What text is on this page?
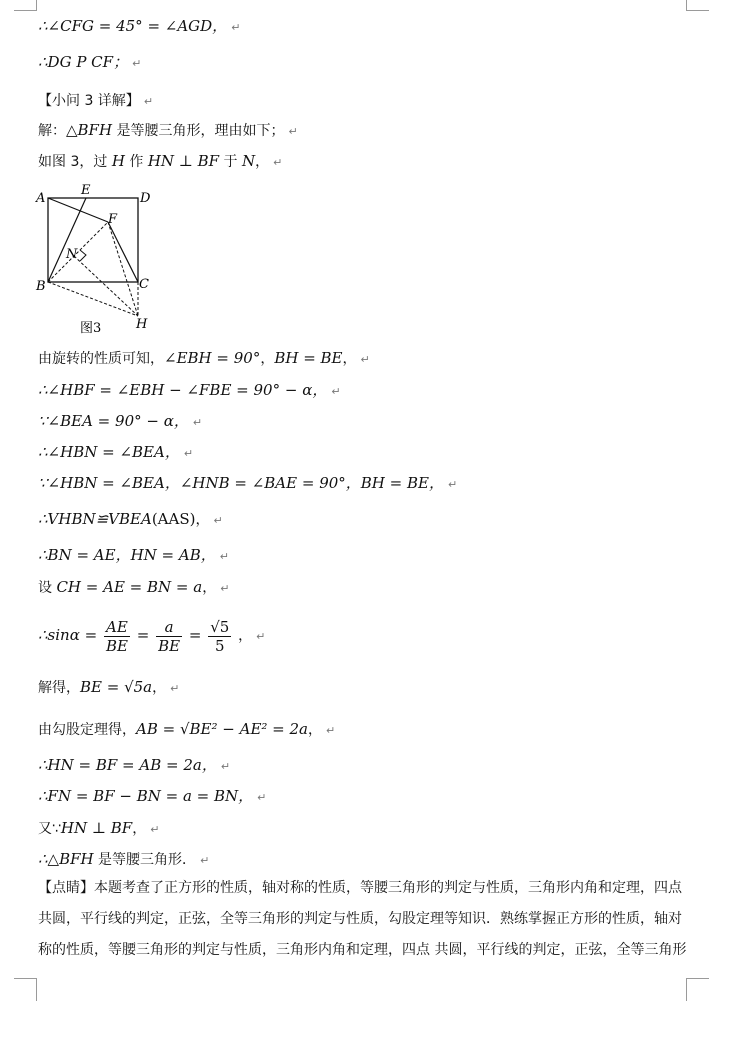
∴∠CFG = 45° = ∠AGD， ↵
∴DG P CF； ↵
【小问 3 详解】 ↵
解：△BFH 是等腰三角形，理由如下； ↵
如图 3，过 H 作 HN ⊥ BF 于 N， ↵
A
E
D
F
N
B	C
H
图3
由旋转的性质可知，∠EBH = 90°，BH = BE， ↵
∴∠HBF = ∠EBH − ∠FBE = 90° − α， ↵
∵∠BEA = 90° − α， ↵
∴∠HBN = ∠BEA， ↵
∵∠HBN = ∠BEA，∠HNB = ∠BAE = 90°，BH = BE， ↵
∴VHBN≌VBEA(AAS)， ↵
∴BN = AE，HN = AB， ↵
设 CH = AE = BN = a， ↵
∴sinα = $\frac{AE}{BE} = \frac{a}{BE} = \frac{√5}{5}$ ， ↵
解得，BE = √5a， ↵
由勾股定理得，AB = √BE² − AE² = 2a， ↵
∴HN = BF = AB = 2a， ↵
∴FN = BF − BN = a = BN， ↵
又∵HN ⊥ BF， ↵
∴△BFH 是等腰三角形． ↵
【点睛】本题考查了正方形的性质，轴对称的性质，等腰三角形的判定与性质，三角形内角和定理，四点共圆，平行线的判定，正弦，全等三角形的判定与性质，勾股定理等知识．熟练掌握正方形的性质，轴对称的性质，等腰三角形的判定与性质，三角形内角和定理，四点 共圆，平行线的判定，正弦，全等三角形
